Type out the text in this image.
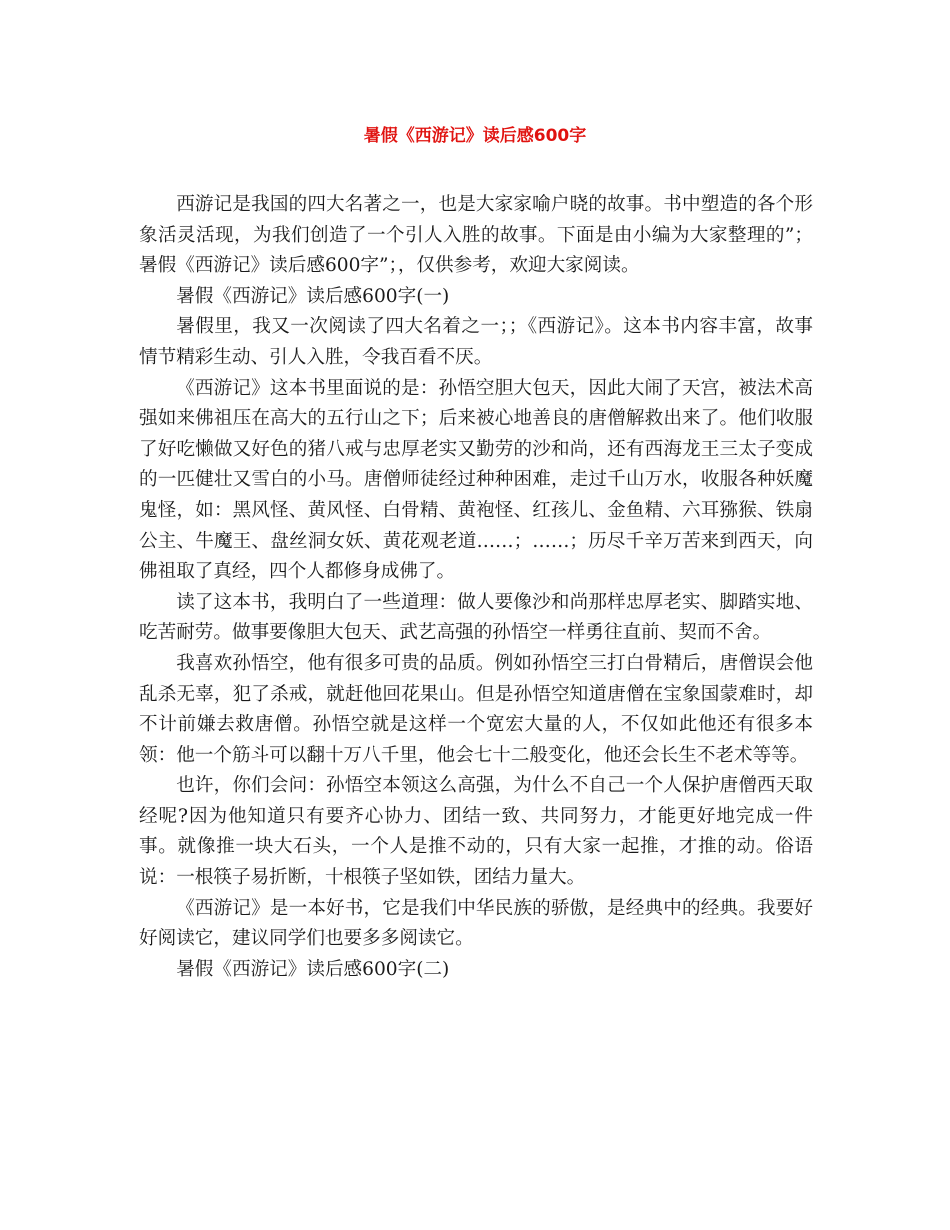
暑假《西游记》读后感600字

西游记是我国的四大名著之一，也是大家家喻户晓的故事。书中塑造的各个形象活灵活现，为我们创造了一个引人入胜的故事。下面是由小编为大家整理的”；暑假《西游记》读后感600字”；，仅供参考，欢迎大家阅读。

暑假《西游记》读后感600字(一)

暑假里，我又一次阅读了四大名着之一；；《西游记》。这本书内容丰富，故事情节精彩生动、引人入胜，令我百看不厌。

《西游记》这本书里面说的是：孙悟空胆大包天，因此大闹了天宫，被法术高强如来佛祖压在高大的五行山之下；后来被心地善良的唐僧解救出来了。他们收服了好吃懒做又好色的猪八戒与忠厚老实又勤劳的沙和尚，还有西海龙王三太子变成的一匹健壮又雪白的小马。唐僧师徒经过种种困难，走过千山万水，收服各种妖魔鬼怪，如：黑风怪、黄风怪、白骨精、黄袍怪、红孩儿、金鱼精、六耳猕猴、铁扇公主、牛魔王、盘丝洞女妖、黄花观老道……；……；历尽千辛万苦来到西天，向佛祖取了真经，四个人都修身成佛了。

读了这本书，我明白了一些道理：做人要像沙和尚那样忠厚老实、脚踏实地、吃苦耐劳。做事要像胆大包天、武艺高强的孙悟空一样勇往直前、契而不舍。

我喜欢孙悟空，他有很多可贵的品质。例如孙悟空三打白骨精后，唐僧误会他乱杀无辜，犯了杀戒，就赶他回花果山。但是孙悟空知道唐僧在宝象国蒙难时，却不计前嫌去救唐僧。孙悟空就是这样一个宽宏大量的人，不仅如此他还有很多本领：他一个筋斗可以翻十万八千里，他会七十二般变化，他还会长生不老术等等。

也许，你们会问：孙悟空本领这么高强，为什么不自己一个人保护唐僧西天取经呢?因为他知道只有要齐心协力、团结一致、共同努力，才能更好地完成一件事。就像推一块大石头，一个人是推不动的，只有大家一起推，才推的动。俗语说：一根筷子易折断，十根筷子坚如铁，团结力量大。

《西游记》是一本好书，它是我们中华民族的骄傲，是经典中的经典。我要好好阅读它，建议同学们也要多多阅读它。

暑假《西游记》读后感600字(二)
